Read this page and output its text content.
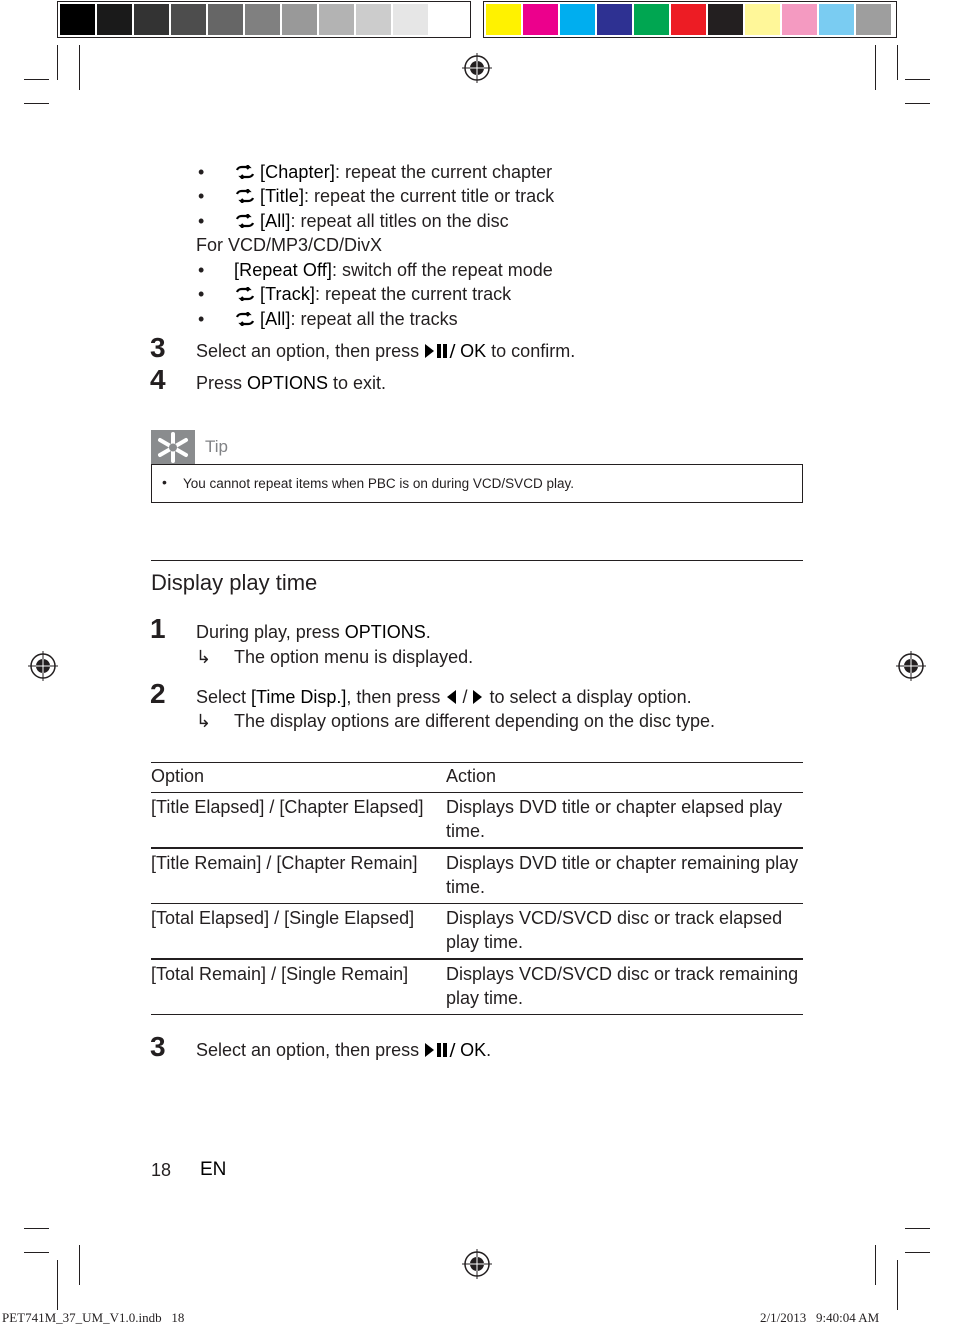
•	[Chapter]: repeat the current chapter
•	[Title]: repeat the current title or track
•	[All]: repeat all titles on the disc
For VCD/MP3/CD/DivX
• [Repeat Off]: switch off the repeat mode
•	[Track]: repeat the current track
•	[All]: repeat all the tracks
3 Select an option, then press OK to confirm.
4 Press OPTIONS to exit.
Tip
• You cannot repeat items when PBC is on during VCD/SVCD play.
Display play time
1 During play, press OPTIONS.
↳ The option menu is displayed.
2 Select [Time Disp.], then press  /  to select a display option.
↳ The display options are different depending on the disc type.
Option	Action
[Title Elapsed] / [Chapter Elapsed]	Displays DVD title or chapter elapsed play time.
[Title Remain] / [Chapter Remain]	Displays DVD title or chapter remaining play time.
[Total Elapsed] / [Single Elapsed]	Displays VCD/SVCD disc or track elapsed play time.
[Total Remain] / [Single Remain]	Displays VCD/SVCD disc or track remaining play time.
3 Select an option, then press OK.
18 EN
PET741M_37_UM_V1.0.indb   18	2/1/2013   9:40:04 AM
